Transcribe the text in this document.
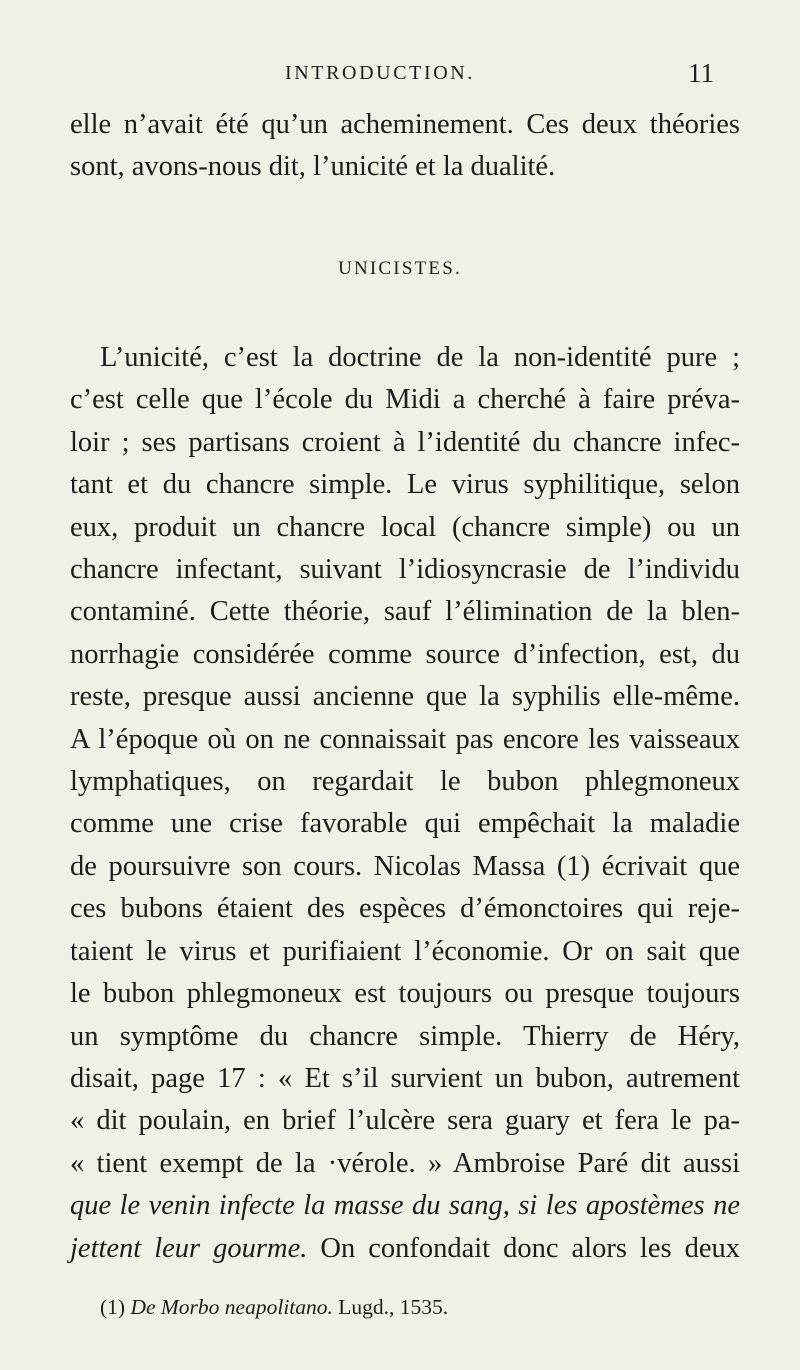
INTRODUCTION.	11
elle n’avait été qu’un acheminement. Ces deux théories
sont, avons-nous dit, l’unicité et la dualité.
UNICISTES.
L’unicité, c’est la doctrine de la non-identité pure ;
c’est celle que l’école du Midi a cherché à faire préva-
loir ; ses partisans croient à l’identité du chancre infec-
tant et du chancre simple. Le virus syphilitique, selon
eux, produit un chancre local (chancre simple) ou un
chancre infectant, suivant l’idiosyncrasie de l’individu
contaminé. Cette théorie, sauf l’élimination de la blen-
norrhagie considérée comme source d’infection, est, du
reste, presque aussi ancienne que la syphilis elle-même.
A l’époque où on ne connaissait pas encore les vaisseaux
lymphatiques, on regardait le bubon phlegmoneux
comme une crise favorable qui empêchait la maladie
de poursuivre son cours. Nicolas Massa (1) écrivait que
ces bubons étaient des espèces d’émonctoires qui reje-
taient le virus et purifiaient l’économie. Or on sait que
le bubon phlegmoneux est toujours ou presque toujours
un symptôme du chancre simple. Thierry de Héry,
disait, page 17 : « Et s’il survient un bubon, autrement
« dit poulain, en brief l’ulcère sera guary et fera le pa-
« tient exempt de la ·vérole. » Ambroise Paré dit aussi
que le venin infecte la masse du sang, si les apostèmes ne
jettent leur gourme. On confondait donc alors les deux
(1) De Morbo neapolitano. Lugd., 1535.
